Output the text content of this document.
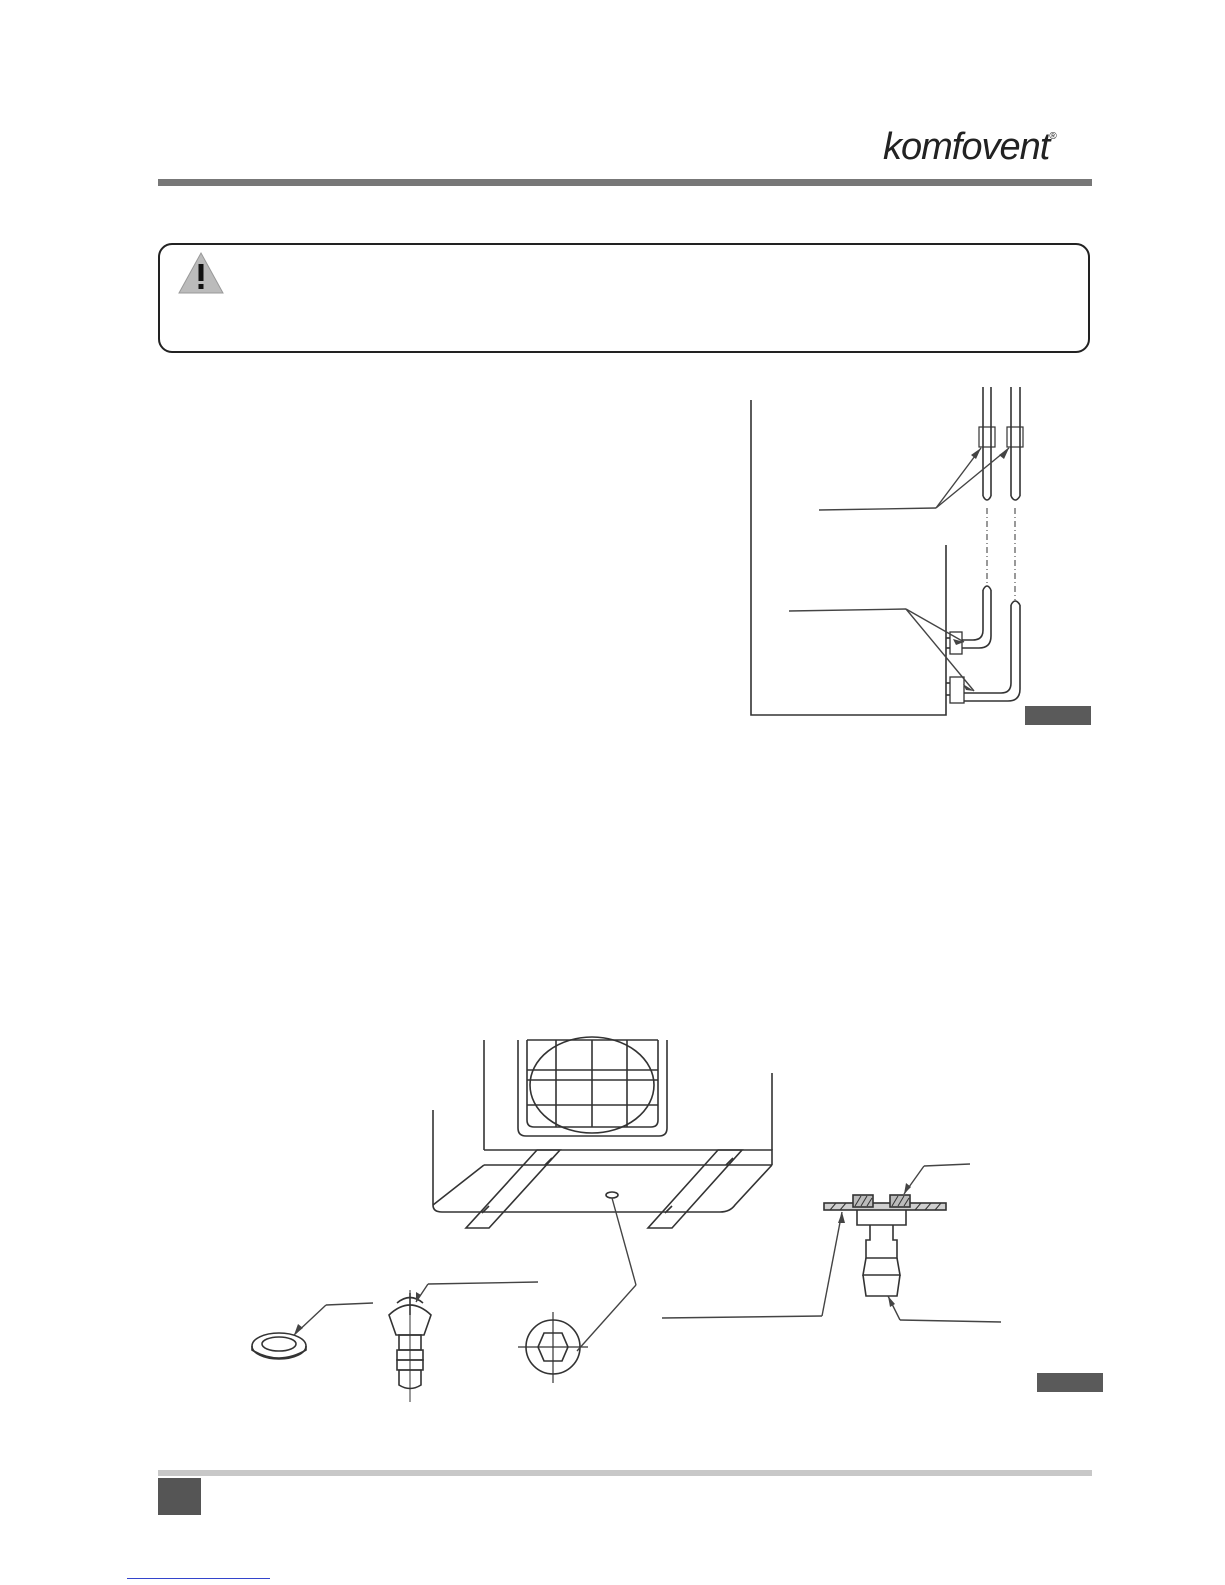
komfovent®
